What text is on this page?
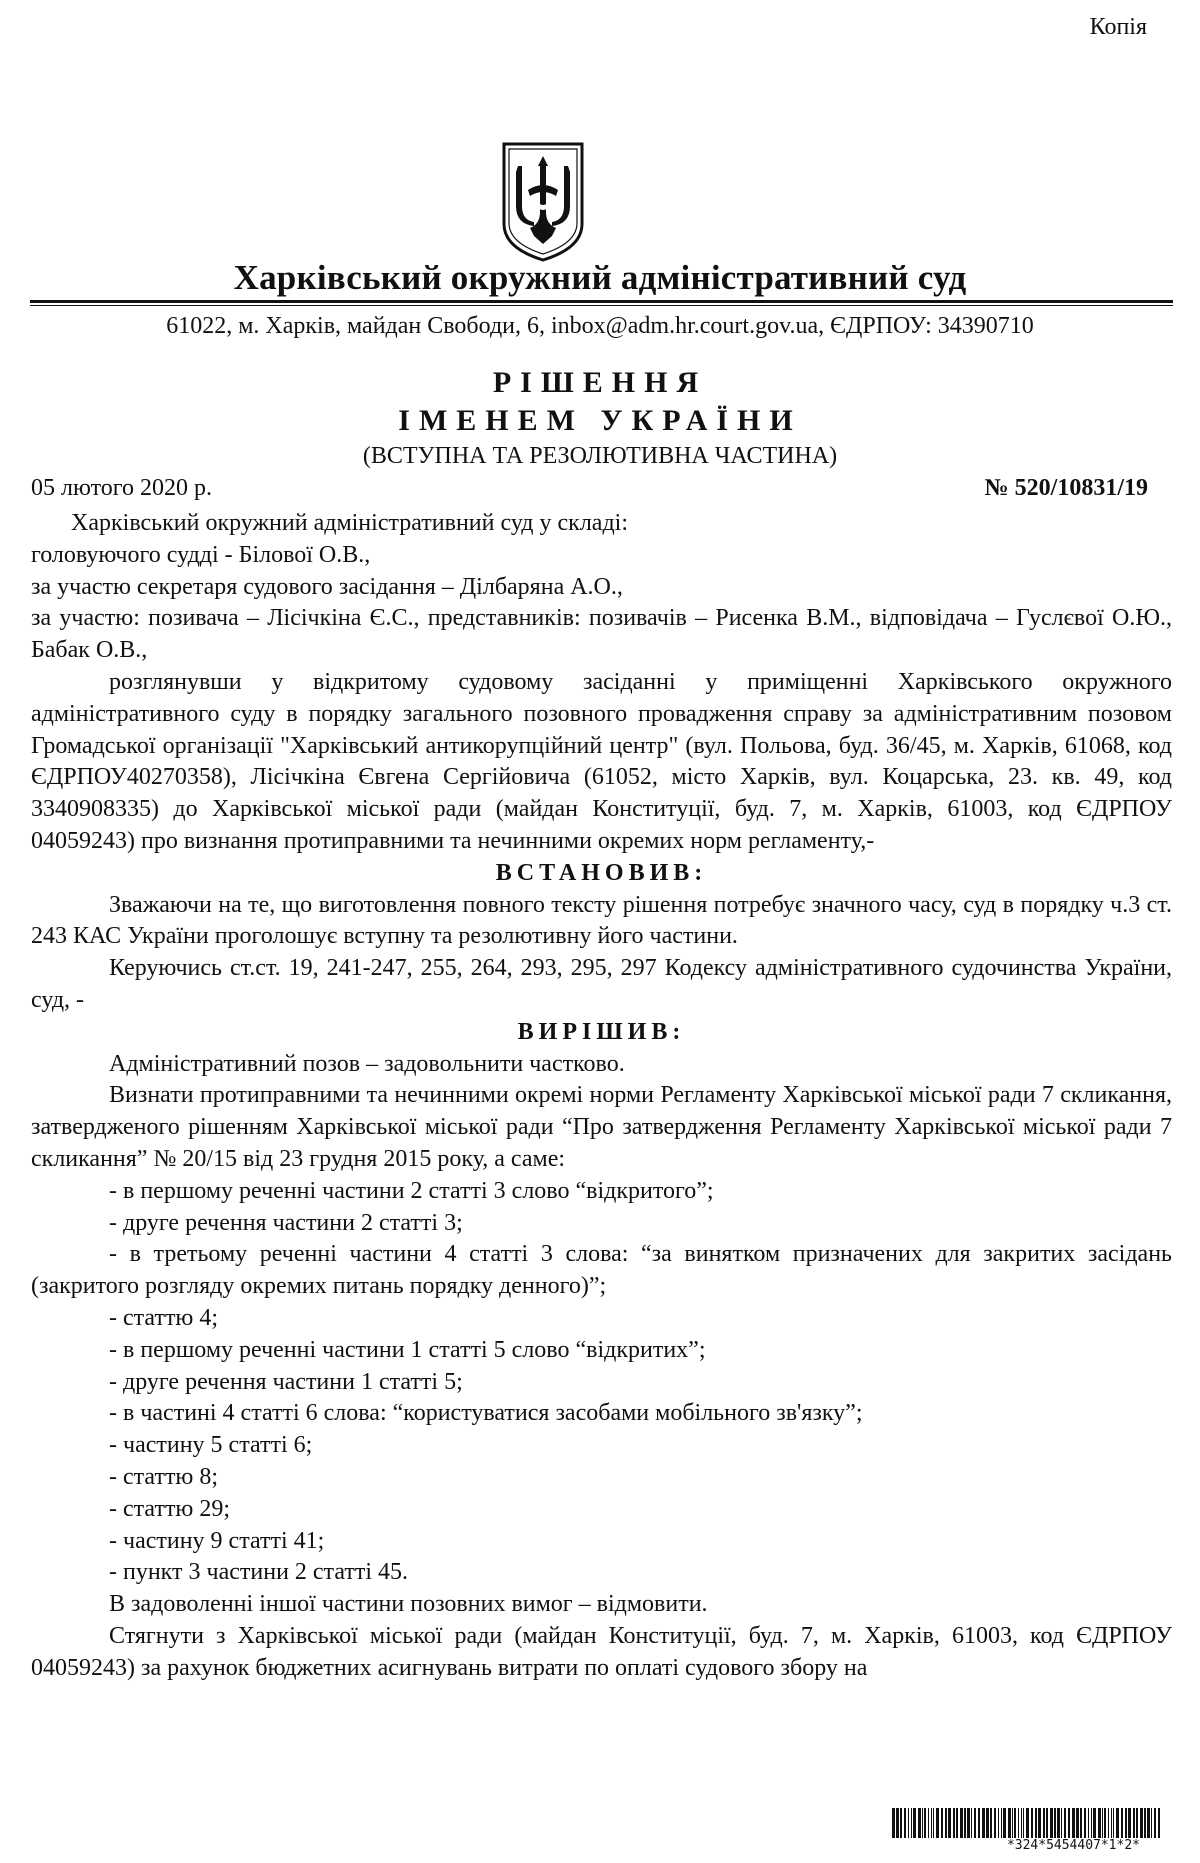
Копія
Харківський окружний адміністративний суд
61022, м. Харків, майдан Свободи, 6, inbox@adm.hr.court.gov.ua, ЄДРПОУ: 34390710
РІШЕННЯ
ІМЕНЕМ УКРАЇНИ
(ВСТУПНА ТА РЕЗОЛЮТИВНА ЧАСТИНА)
05 лютого 2020 р.	№ 520/10831/19

Харківський окружний адміністративний суд у складі:

головуючого судді - Білової О.В.,

за участю секретаря судового засідання – Ділбаряна А.О.,

за участю: позивача – Лісічкіна Є.С., представників: позивачів – Рисенка В.М., відповідача – Гуслєвої О.Ю., Бабак О.В.,

розглянувши у відкритому судовому засіданні у приміщенні Харківського окружного адміністративного суду в порядку загального позовного провадження справу за адміністративним позовом Громадської організації "Харківський антикорупційний центр" (вул. Польова, буд. 36/45, м. Харків, 61068, код ЄДРПОУ40270358), Лісічкіна Євгена Сергійовича (61052, місто Харків, вул. Коцарська, 23. кв. 49, код 3340908335) до Харківської міської ради (майдан Конституції, буд. 7, м. Харків, 61003, код ЄДРПОУ 04059243) про визнання протиправними та нечинними окремих норм регламенту,-

ВСТАНОВИВ:

Зважаючи на те, що виготовлення повного тексту рішення потребує значного часу, суд в порядку ч.3 ст. 243 КАС України проголошує вступну та резолютивну його частини.

Керуючись ст.ст. 19, 241-247, 255, 264, 293, 295, 297 Кодексу адміністративного судочинства України, суд, -

ВИРІШИВ:

Адміністративний позов – задовольнити частково.

Визнати протиправними та нечинними окремі норми Регламенту Харківської міської ради 7 скликання, затвердженого рішенням Харківської міської ради “Про затвердження Регламенту Харківської міської ради 7 скликання” № 20/15 від 23 грудня 2015 року, а саме:

- в першому реченні частини 2 статті 3 слово “відкритого”;

- друге речення частини 2 статті 3;

- в третьому реченні частини 4 статті 3 слова: “за винятком призначених для закритих засідань (закритого розгляду окремих питань порядку денного)”;

- статтю 4;

- в першому реченні частини 1 статті 5 слово “відкритих”;

- друге речення частини 1 статті 5;

- в частині 4 статті 6 слова: “користуватися засобами мобільного зв'язку”;

- частину 5 статті 6;

- статтю 8;

- статтю 29;

- частину 9 статті 41;

- пункт 3 частини 2 статті 45.

В задоволенні іншої частини позовних вимог – відмовити.

Стягнути з Харківської міської ради (майдан Конституції, буд. 7, м. Харків, 61003, код ЄДРПОУ 04059243) за рахунок бюджетних асигнувань витрати по оплаті судового збору на

*324*5454407*1*2*
